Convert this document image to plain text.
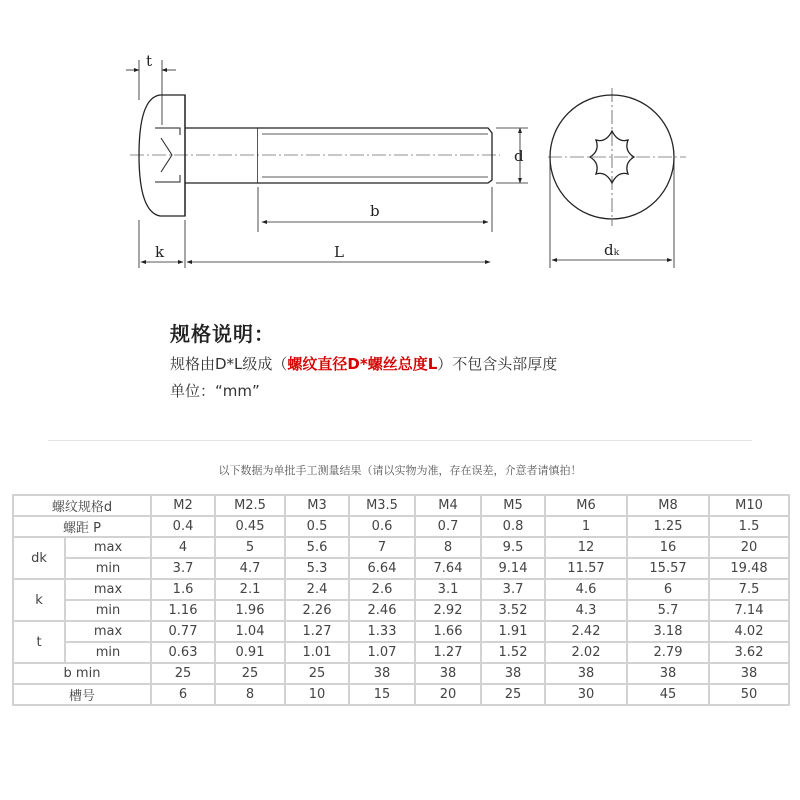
t
d
b
k	L	dₖ
规格说明：
规格由D*L级成（螺纹直径D*螺丝总度L）不包含头部厚度
单位：“mm”
以下数据为单批手工测量结果（请以实物为准，存在误差，介意者请慎拍！
螺纹规格d		M2	M2.5	M3	M3.5	M4	M5	M6	M8	M10
螺距 P		0.4	0.45	0.5	0.6	0.7	0.8	1	1.25	1.5
dk	max	4	5	5.6	7	8	9.5	12	16	20
	min	3.7	4.7	5.3	6.64	7.64	9.14	11.57	15.57	19.48
k	max	1.6	2.1	2.4	2.6	3.1	3.7	4.6	6	7.5
	min	1.16	1.96	2.26	2.46	2.92	3.52	4.3	5.7	7.14
t	max	0.77	1.04	1.27	1.33	1.66	1.91	2.42	3.18	4.02
	min	0.63	0.91	1.01	1.07	1.27	1.52	2.02	2.79	3.62
b min		25	25	25	38	38	38	38	38	38
槽号		6	8	10	15	20	25	30	45	50
